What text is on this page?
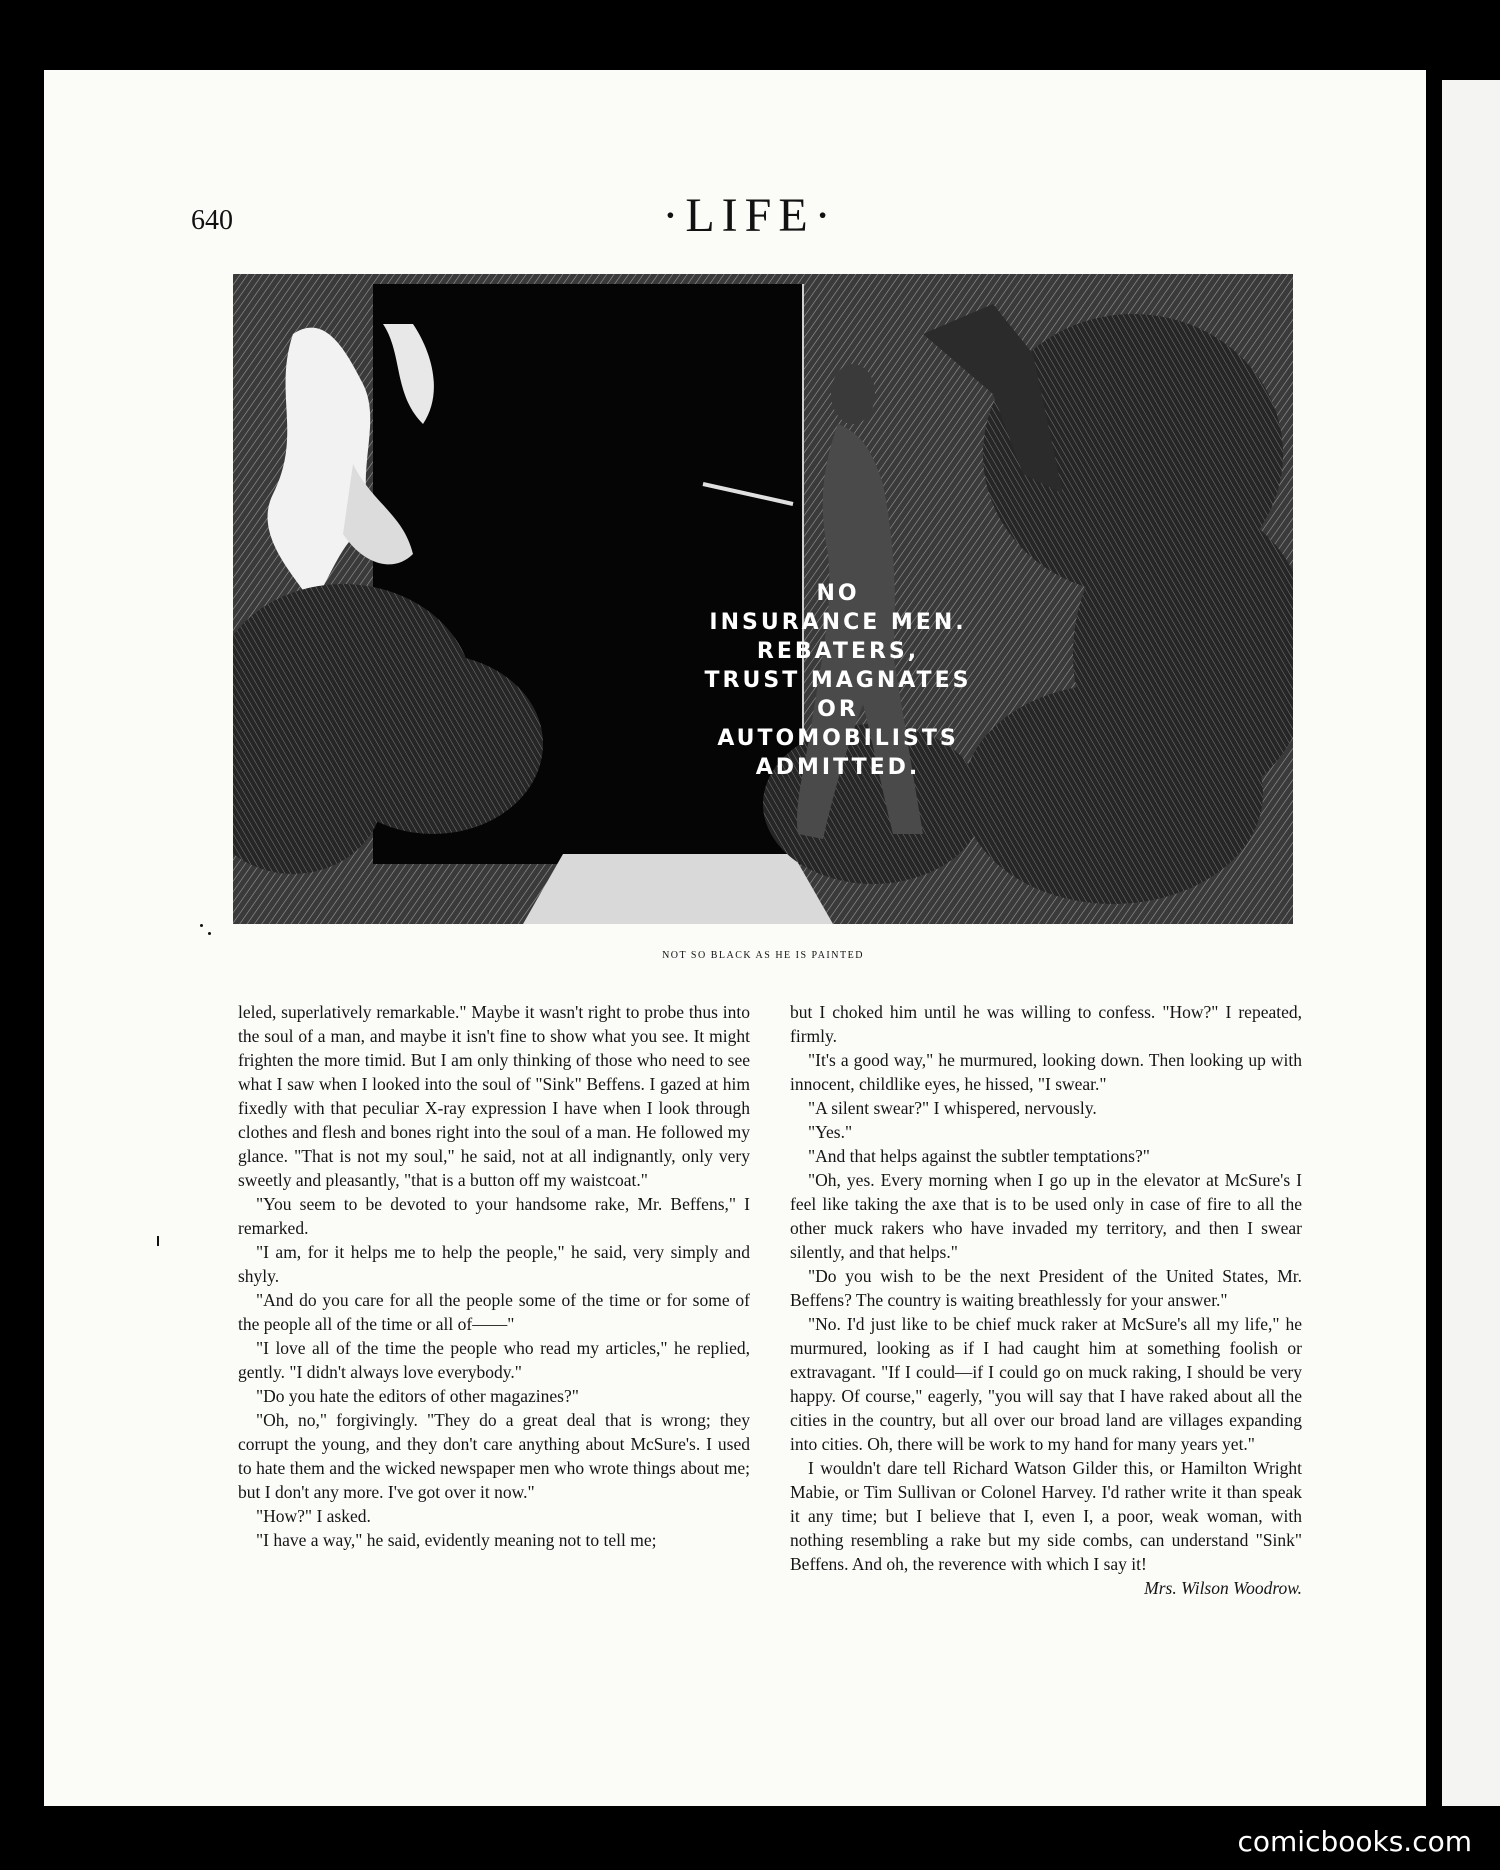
640	·LIFE·
NO
INSURANCE MEN.
REBATERS,
TRUST MAGNATES
OR
AUTOMOBILISTS
ADMITTED.
NOT SO BLACK AS HE IS PAINTED

leled, superlatively remarkable." Maybe it wasn't right to probe thus into the soul of a man, and maybe it isn't fine to show what you see. It might frighten the more timid. But I am only thinking of those who need to see what I saw when I looked into the soul of "Sink" Beffens. I gazed at him fixedly with that peculiar X-ray expression I have when I look through clothes and flesh and bones right into the soul of a man. He followed my glance. "That is not my soul," he said, not at all indignantly, only very sweetly and pleasantly, "that is a button off my waistcoat."

"You seem to be devoted to your handsome rake, Mr. Beffens," I remarked.

"I am, for it helps me to help the people," he said, very simply and shyly.

"And do you care for all the people some of the time or for some of the people all of the time or all of——"

"I love all of the time the people who read my articles," he replied, gently. "I didn't always love everybody."

"Do you hate the editors of other magazines?"

"Oh, no," forgivingly. "They do a great deal that is wrong; they corrupt the young, and they don't care anything about McSure's. I used to hate them and the wicked newspaper men who wrote things about me; but I don't any more. I've got over it now."

"How?" I asked.

"I have a way," he said, evidently meaning not to tell me;

but I choked him until he was willing to confess. "How?" I repeated, firmly.

"It's a good way," he murmured, looking down. Then looking up with innocent, childlike eyes, he hissed, "I swear."

"A silent swear?" I whispered, nervously.

"Yes."

"And that helps against the subtler temptations?"

"Oh, yes. Every morning when I go up in the elevator at McSure's I feel like taking the axe that is to be used only in case of fire to all the other muck rakers who have invaded my territory, and then I swear silently, and that helps."

"Do you wish to be the next President of the United States, Mr. Beffens? The country is waiting breathlessly for your answer."

"No. I'd just like to be chief muck raker at McSure's all my life," he murmured, looking as if I had caught him at something foolish or extravagant. "If I could—if I could go on muck raking, I should be very happy. Of course," eagerly, "you will say that I have raked about all the cities in the country, but all over our broad land are villages expanding into cities. Oh, there will be work to my hand for many years yet."

I wouldn't dare tell Richard Watson Gilder this, or Hamilton Wright Mabie, or Tim Sullivan or Colonel Harvey. I'd rather write it than speak it any time; but I believe that I, even I, a poor, weak woman, with nothing resembling a rake but my side combs, can understand "Sink" Beffens. And oh, the reverence with which I say it!

Mrs. Wilson Woodrow.

comicbooks.com
